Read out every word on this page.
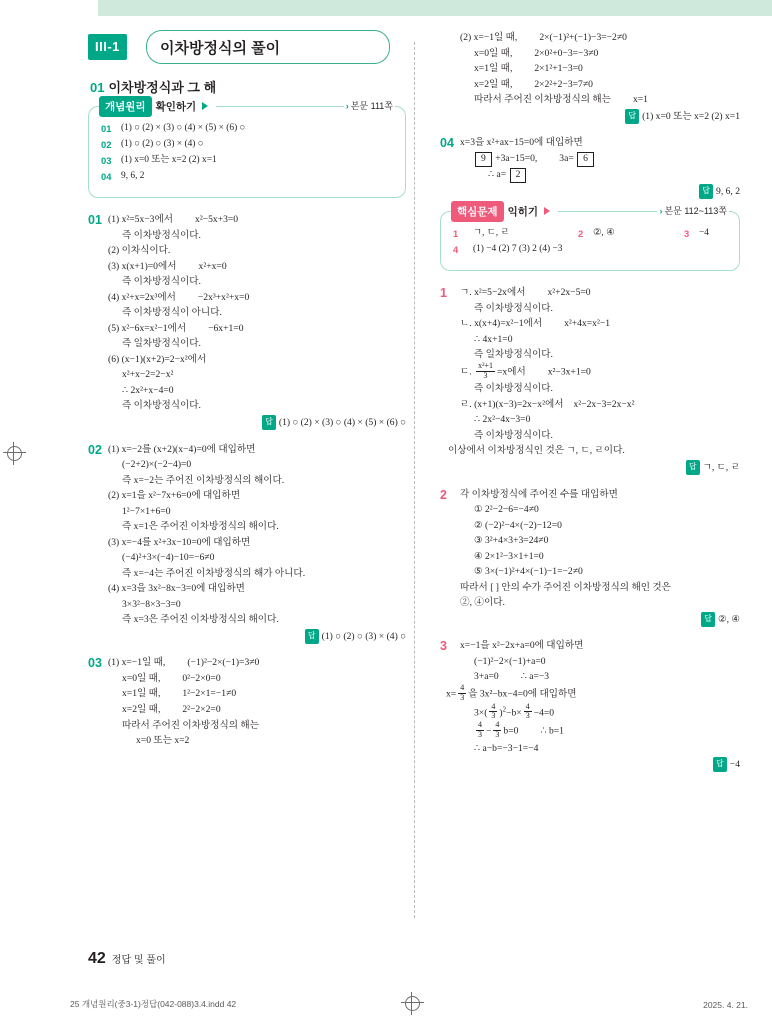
III-1	이차방정식의 풀이
01 이차방정식과 그 해
개념원리 확인하기	› 본문 111쪽
01	(1) ○ (2) × (3) ○ (4) × (5) × (6) ○
02	(1) ○ (2) ○ (3) × (4) ○
03	(1) x=0 또는 x=2 (2) x=1
04	9, 6, 2
01 (1) x²=5x−3에서 x²−5x+3=0
즉 이차방정식이다.
(2) 이차식이다.
(3) x(x+1)=0에서 x²+x=0
즉 이차방정식이다.
(4) x²+x=2x³에서 −2x³+x²+x=0
즉 이차방정식이 아니다.
(5) x²−6x=x²−1에서 −6x+1=0
즉 일차방정식이다.
(6) (x−1)(x+2)=2−x²에서
x²+x−2=2−x²
∴ 2x²+x−4=0
즉 이차방정식이다.
답 (1) ○ (2) × (3) ○ (4) × (5) × (6) ○
02 (1) x=−2를 (x+2)(x−4)=0에 대입하면
(−2+2)×(−2−4)=0
즉 x=−2는 주어진 이차방정식의 해이다.
(2) x=1을 x²−7x+6=0에 대입하면
1²−7×1+6=0
즉 x=1은 주어진 이차방정식의 해이다.
(3) x=−4를 x²+3x−10=0에 대입하면
(−4)²+3×(−4)−10=−6≠0
즉 x=−4는 주어진 이차방정식의 해가 아니다.
(4) x=3을 3x²−8x−3=0에 대입하면
3×3²−8×3−3=0
즉 x=3은 주어진 이차방정식의 해이다.
답 (1) ○ (2) ○ (3) × (4) ○
03 (1) x=−1일 때, (−1)²−2×(−1)=3≠0
x=0일 때, 0²−2×0=0
x=1일 때, 1²−2×1=−1≠0
x=2일 때, 2²−2×2=0
따라서 주어진 이차방정식의 해는
x=0 또는 x=2
(2) x=−1일 때, 2×(−1)²+(−1)−3=−2≠0
x=0일 때, 2×0²+0−3=−3≠0
x=1일 때, 2×1²+1−3=0
x=2일 때, 2×2²+2−3=7≠0
따라서 주어진 이차방정식의 해는 x=1
답 (1) x=0 또는 x=2 (2) x=1
04 x=3을 x²+ax−15=0에 대입하면
9 +3a−15=0, 3a= 6
∴ a= 2
답 9, 6, 2
핵심문제 익히기	› 본문 112~113쪽
1	ㄱ, ㄷ, ㄹ	2	②, ④	3	−4
4	(1) −4 (2) 7 (3) 2 (4) −3
1	ㄱ. x²=5−2x에서 x²+2x−5=0
즉 이차방정식이다.
ㄴ. x(x+4)=x²−1에서 x²+4x=x²−1
∴ 4x+1=0
즉 일차방정식이다.
ㄷ. $\frac{\text{x²+1}}{3} =x$에서 x²−3x+1=0
즉 이차방정식이다.
ㄹ. (x+1)(x−3)=2x−x²에서 x²−2x−3=2x−x²
∴ 2x²−4x−3=0
즉 이차방정식이다.
이상에서 이차방정식인 것은 ㄱ, ㄷ, ㄹ이다.
답 ㄱ, ㄷ, ㄹ
2	각 이차방정식에 주어진 수를 대입하면
① 2²−2−6=−4≠0
② (−2)²−4×(−2)−12=0
③ 3²+4×3+3=24≠0
④ 2×1²−3×1+1=0
⑤ 3×(−1)²+4×(−1)−1=−2≠0
따라서 [ ] 안의 수가 주어진 이차방정식의 해인 것은
②, ④이다.
답 ②, ④
3	x=−1을 x²−2x+a=0에 대입하면
(−1)²−2×(−1)+a=0
3+a=0 ∴ a=−3
$x= \frac{4}{3}$ 을 3x²−bx−4=0에 대입하면
$3\times( \frac{4}{3} )^2-b\times \frac{4}{3} -4=0$
$\frac{4}{3} - \frac{4}{3} b=0$ ∴ b=1
∴ a−b=−3−1=−4
답 −4
42 정답 및 풀이
25 개념원리(중3-1)정답(042-088)3.4.indd 42	2025. 4. 21.
